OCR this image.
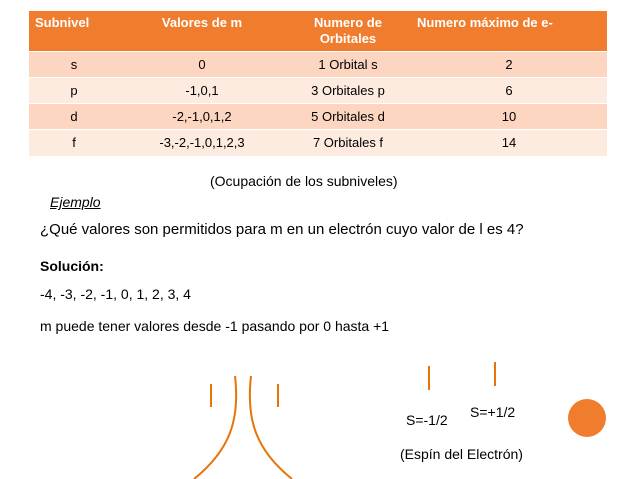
Subnivel	Valores de m	Numero de Orbitales	Numero máximo de e-
s	0	1 Orbital s	2
p	-1,0,1	3 Orbitales p	6
d	-2,-1,0,1,2	5 Orbitales d	10
f	-3,-2,-1,0,1,2,3	7 Orbitales f	14
(Ocupación de los subniveles)
Ejemplo
¿Qué valores son permitidos para m en un electrón cuyo valor de l es 4?
Solución:
-4, -3, -2, -1, 0, 1, 2, 3, 4
m puede tener valores desde -1 pasando por 0 hasta +1
S=-1/2 S=+1/2
(Espín del Electrón)
